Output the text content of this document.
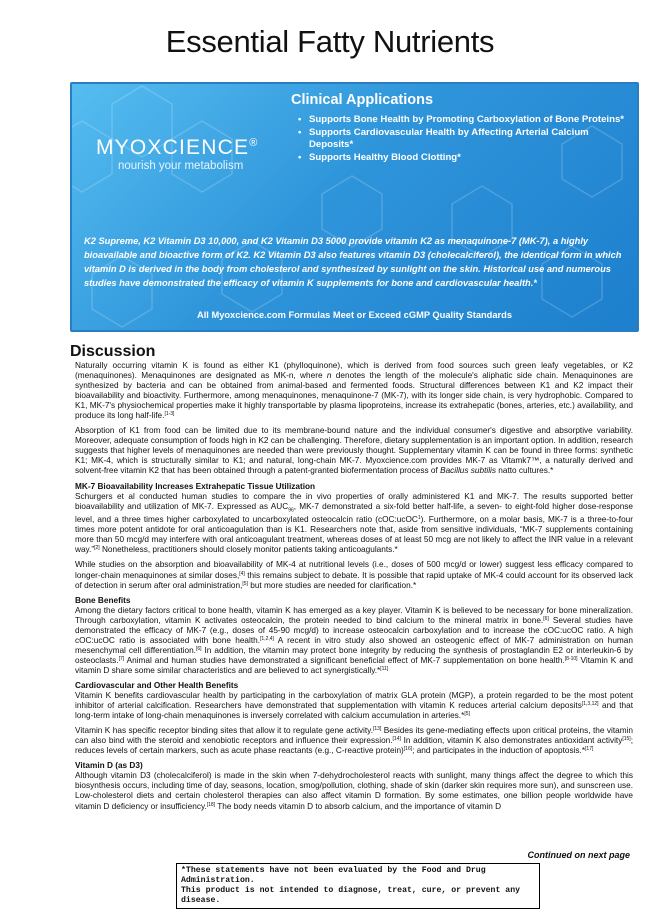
Essential Fatty Nutrients
MYOXCIENCE®
nourish your metabolism
Clinical Applications
• Supports Bone Health by Promoting Carboxylation of Bone Proteins*
• Supports Cardiovascular Health by Affecting Arterial Calcium Deposits*
• Supports Healthy Blood Clotting*
K2 Supreme, K2 Vitamin D3 10,000, and K2 Vitamin D3 5000 provide vitamin K2 as menaquinone-7 (MK-7), a highly bioavailable and bioactive form of K2. K2 Vitamin D3 also features vitamin D3 (cholecalciferol), the identical form in which vitamin D is derived in the body from cholesterol and synthesized by sunlight on the skin. Historical use and numerous studies have demonstrated the efficacy of vitamin K supplements for bone and cardiovascular health.*
All Myoxcience.com Formulas Meet or Exceed cGMP Quality Standards
Discussion

Naturally occurring vitamin K is found as either K1 (phylloquinone), which is derived from food sources such green leafy vegetables, or K2 (menaquinones). Menaquinones are designated as MK-n, where n denotes the length of the molecule's aliphatic side chain. Menaquinones are synthesized by bacteria and can be obtained from animal-based and fermented foods. Structural differences between K1 and K2 impact their bioavailability and bioactivity. Furthermore, among menaquinones, menaquinone-7 (MK-7), with its longer side chain, is very hydrophobic. Compared to K1, MK-7's physiochemical properties make it highly transportable by plasma lipoproteins, increase its extrahepatic (bones, arteries, etc.) availability, and produce its long half-life.[1-3]

Absorption of K1 from food can be limited due to its membrane-bound nature and the individual consumer's digestive and absorptive variability. Moreover, adequate consumption of foods high in K2 can be challenging. Therefore, dietary supplementation is an important option. In addition, research suggests that higher levels of menaquinones are needed than were previously thought. Supplementary vitamin K can be found in three forms: synthetic K1; MK-4, which is structurally similar to K1; and natural, long-chain MK-7. Myoxcience.com provides MK-7 as Vitamk7™, a naturally derived and solvent-free vitamin K2 that has been obtained through a patent-granted biofermentation process of Bacillus subtilis natto cultures.*

MK-7 Bioavailability Increases Extrahepatic Tissue Utilization

Schurgers et al conducted human studies to compare the in vivo properties of orally administered K1 and MK-7. The results supported better bioavailability and utilization of MK-7. Expressed as $AUC_{96}$, MK-7 demonstrated a six-fold better half-life, a seven- to eight-fold higher dose-response level, and a three times higher carboxylated to uncarboxylated osteocalcin ratio (cOC:ucOC$^1$). Furthermore, on a molar basis, MK-7 is a three-to-four times more potent antidote for oral anticoagulation than is K1. Researchers note that, aside from sensitive individuals, “MK-7 supplements containing more than 50 mcg/d may interfere with oral anticoagulant treatment, whereas doses of at least 50 mcg are not likely to affect the INR value in a relevant way.”[2] Nonetheless, practitioners should closely monitor patients taking anticoagulants.*

While studies on the absorption and bioavailability of MK-4 at nutritional levels (i.e., doses of 500 mcg/d or lower) suggest less efficacy compared to longer-chain menaquinones at similar doses,[4] this remains subject to debate. It is possible that rapid uptake of MK-4 could account for its observed lack of detection in serum after oral administration,[5] but more studies are needed for clarification.*

Bone Benefits

Among the dietary factors critical to bone health, vitamin K has emerged as a key player. Vitamin K is believed to be necessary for bone mineralization. Through carboxylation, vitamin K activates osteocalcin, the protein needed to bind calcium to the mineral matrix in bone.[6] Several studies have demonstrated the efficacy of MK-7 (e.g., doses of 45-90 mcg/d) to increase osteocalcin carboxylation and to increase the cOC:ucOC ratio. A high cOC:ucOC ratio is associated with bone health.[1,2,4] A recent in vitro study also showed an osteogenic effect of MK-7 administration on human mesenchymal cell differentiation.[6] In addition, the vitamin may protect bone integrity by reducing the synthesis of prostaglandin E2 or interleukin-6 by osteoclasts.[7] Animal and human studies have demonstrated a significant beneficial effect of MK-7 supplementation on bone health.[8-10] Vitamin K and vitamin D share some similar characteristics and are believed to act synergistically.*[11]

Cardiovascular and Other Health Benefits

Vitamin K benefits cardiovascular health by participating in the carboxylation of matrix GLA protein (MGP), a protein regarded to be the most potent inhibitor of arterial calcification. Researchers have demonstrated that supplementation with vitamin K reduces arterial calcium deposits[1,3,12] and that long-term intake of long-chain menaquinones is inversely correlated with calcium accumulation in arteries.*[5]

Vitamin K has specific receptor binding sites that allow it to regulate gene activity.[13] Besides its gene-mediating effects upon critical proteins, the vitamin can also bind with the steroid and xenobiotic receptors and influence their expression.[14] In addition, vitamin K also demonstrates antioxidant activity[15]; reduces levels of certain markers, such as acute phase reactants (e.g., C-reactive protein)[16]; and participates in the induction of apoptosis.*[17]

Vitamin D (as D3)

Although vitamin D3 (cholecalciferol) is made in the skin when 7-dehydrocholesterol reacts with sunlight, many things affect the degree to which this biosynthesis occurs, including time of day, seasons, location, smog/pollution, clothing, shade of skin (darker skin requires more sun), and sunscreen use. Low-cholesterol diets and certain cholesterol therapies can also affect vitamin D formation. By some estimates, one billion people worldwide have vitamin D deficiency or insufficiency.[18] The body needs vitamin D to absorb calcium, and the importance of vitamin D

Continued on next page
*These statements have not been evaluated by the Food and Drug Administration.
This product is not intended to diagnose, treat, cure, or prevent any disease.
